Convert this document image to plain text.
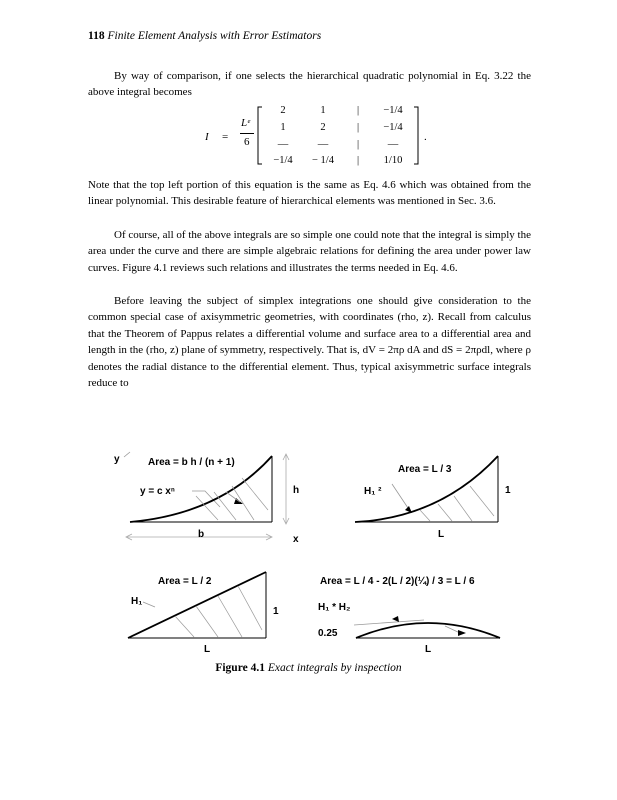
118 Finite Element Analysis with Error Estimators
By way of comparison, if one selects the hierarchical quadratic polynomial in Eq. 3.22 the above integral becomes
I =
Lᵉ
6
2	1	|	−1/4
1	2	|	−1/4
—	—	|	—
−1/4	− 1/4	|	1/10
.
Note that the top left portion of this equation is the same as Eq. 4.6 which was obtained from the linear polynomial. This desirable feature of hierarchical elements was mentioned in Sec. 3.6.
Of course, all of the above integrals are so simple one could note that the integral is simply the area under the curve and there are simple algebraic relations for defining the area under power law curves. Figure 4.1 reviews such relations and illustrates the terms needed in Eq. 4.6.
Before leaving the subject of simplex integrations one should give consideration to the common special case of axisymmetric geometries, with coordinates (rho, z). Recall from calculus that the Theorem of Pappus relates a differential volume and surface area to a differential area and length in the (rho, z) plane of symmetry, respectively. That is, dV = 2πρ dA and dS = 2πρdl, where ρ denotes the radial distance to the differential element. Thus, typical axisymmetric surface integrals reduce to
y	Area = b h / (n + 1)
y = c xⁿ	h
b	x
Area = L / 3
H₁ ²	1
L
Area = L / 2
H₁
1
L
Area = L / 4 - 2(L / 2)(¼) / 3 = L / 6
H₁ * H₂
0.25
L
Figure 4.1 Exact integrals by inspection
